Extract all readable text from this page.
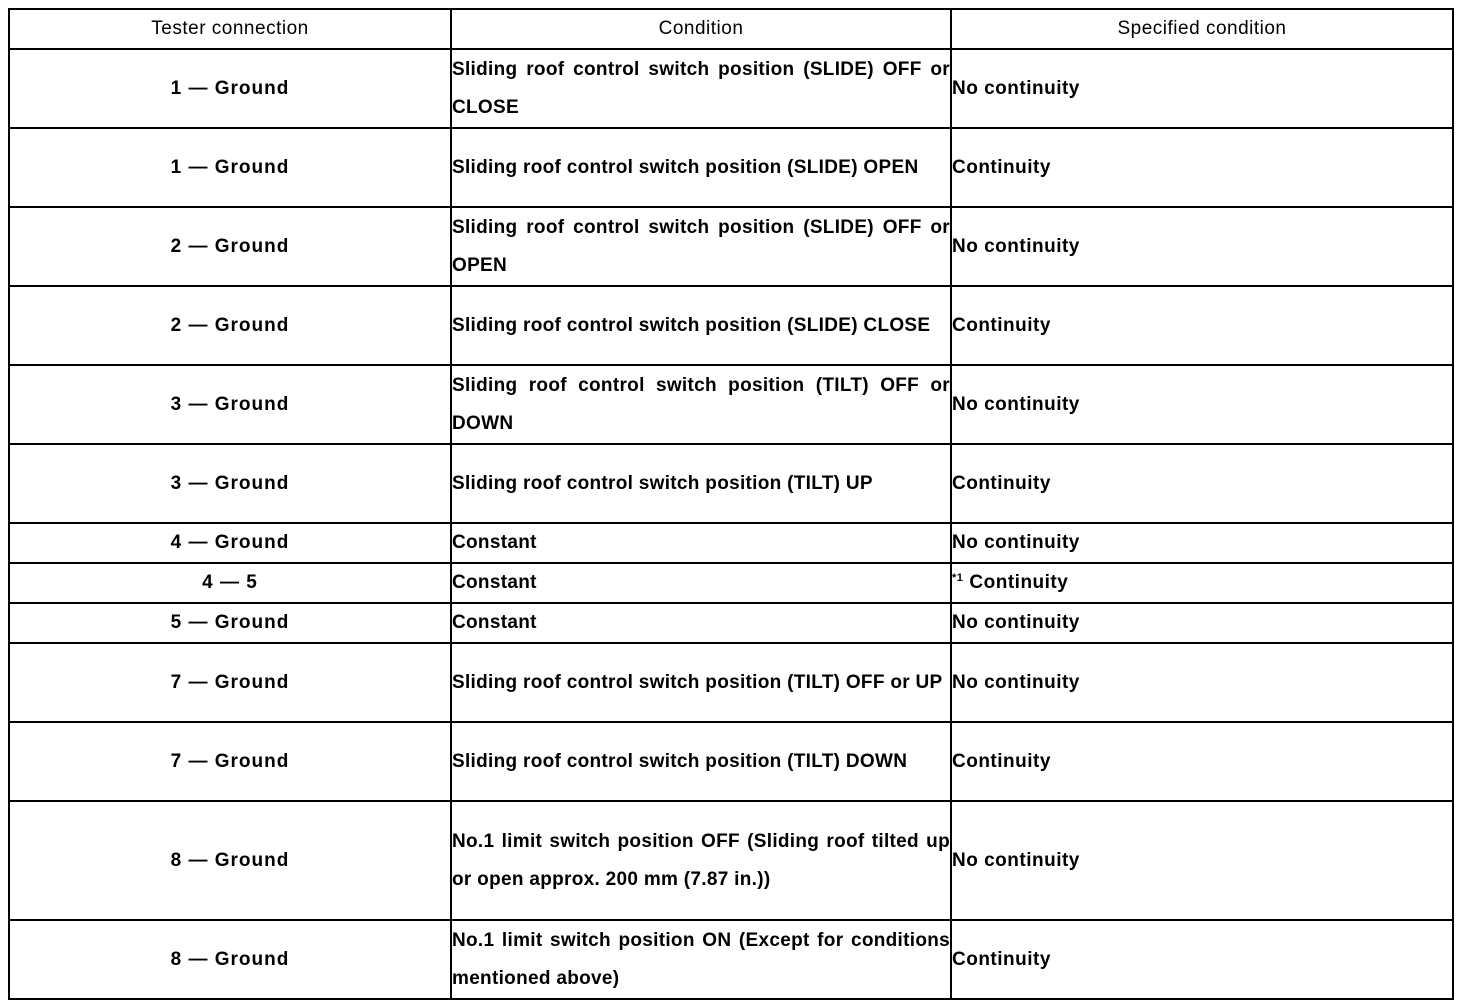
Tester connection	Condition	Specified condition
1 — Ground	Sliding roof control switch position (SLIDE) OFF or CLOSE	No continuity
1 — Ground	Sliding roof control switch position (SLIDE) OPEN	Continuity
2 — Ground	Sliding roof control switch position (SLIDE) OFF or OPEN	No continuity
2 — Ground	Sliding roof control switch position (SLIDE) CLOSE	Continuity
3 — Ground	Sliding roof control switch position (TILT) OFF or DOWN	No continuity
3 — Ground	Sliding roof control switch position (TILT) UP	Continuity
4 — Ground	Constant	No continuity
4 — 5	Constant	$^{*1}$ Continuity
5 — Ground	Constant	No continuity
7 — Ground	Sliding roof control switch position (TILT) OFF or UP	No continuity
7 — Ground	Sliding roof control switch position (TILT) DOWN	Continuity
8 — Ground	No.1 limit switch position OFF (Sliding roof tilted up or open approx. 200 mm (7.87 in.))	No continuity
8 — Ground	No.1 limit switch position ON (Except for conditions mentioned above)	Continuity
